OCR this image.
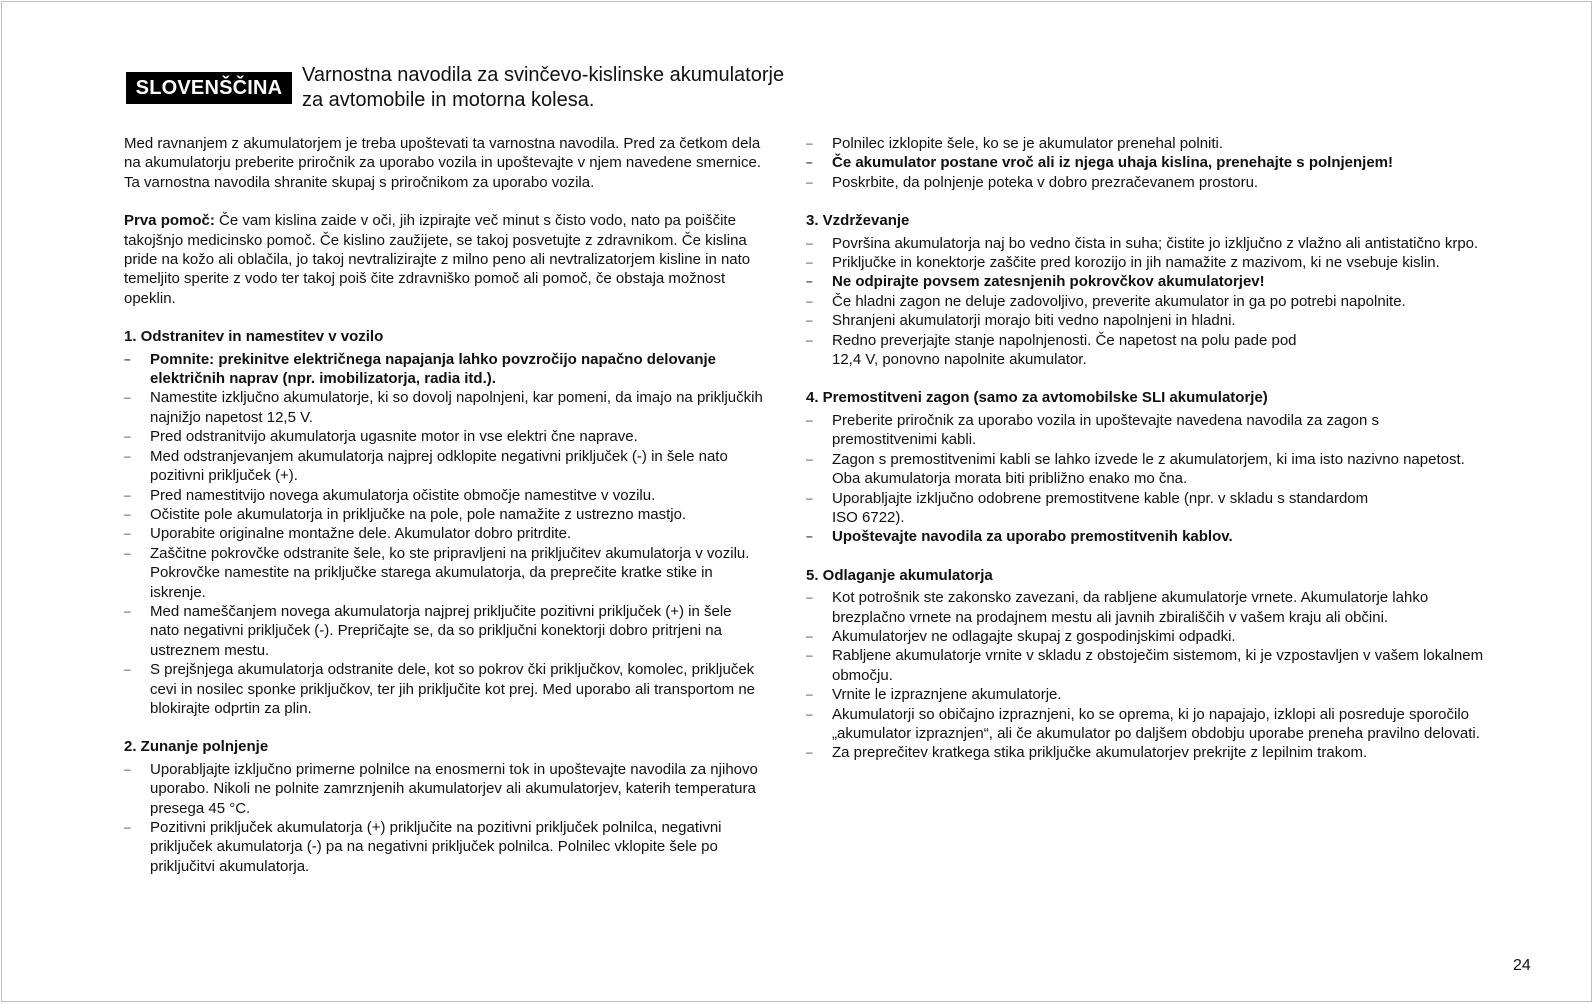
SLOVENŠČINA
Varnostna navodila za svinčevo-kislinske akumulatorje
za avtomobile in motorna kolesa.

Med ravnanjem z akumulatorjem je treba upoštevati ta varnostna navodila. Pred za četkom dela na akumulatorju preberite priročnik za uporabo vozila in upoštevajte v njem navedene smernice. Ta varnostna navodila shranite skupaj s priročnikom za uporabo vozila.

Prva pomoč: Če vam kislina zaide v oči, jih izpirajte več minut s čisto vodo, nato pa poiščite takojšnjo medicinsko pomoč. Če kislino zaužijete, se takoj posvetujte z zdravnikom. Če kislina pride na kožo ali oblačila, jo takoj nevtralizirajte z milno peno ali nevtralizatorjem kisline in nato temeljito sperite z vodo ter takoj poiš čite zdravniško pomoč ali pomoč, če obstaja možnost opeklin.

1. Odstranitev in namestitev v vozilo

– Pomnite: prekinitve električnega napajanja lahko povzročijo napačno delovanje električnih naprav (npr. imobilizatorja, radia itd.).
– Namestite izključno akumulatorje, ki so dovolj napolnjeni, kar pomeni, da imajo na priključkih najnižjo napetost 12,5 V.
– Pred odstranitvijo akumulatorja ugasnite motor in vse elektri čne naprave.
– Med odstranjevanjem akumulatorja najprej odklopite negativni priključek (-) in šele nato pozitivni priključek (+).
– Pred namestitvijo novega akumulatorja očistite območje namestitve v vozilu.
– Očistite pole akumulatorja in priključke na pole, pole namažite z ustrezno mastjo.
– Uporabite originalne montažne dele. Akumulator dobro pritrdite.
– Zaščitne pokrovčke odstranite šele, ko ste pripravljeni na priključitev akumulatorja v vozilu. Pokrovčke namestite na priključke starega akumulatorja, da preprečite kratke stike in iskrenje.
– Med nameščanjem novega akumulatorja najprej priključite pozitivni priključek (+) in šele nato negativni priključek (-). Prepričajte se, da so priključni konektorji dobro pritrjeni na ustreznem mestu.
– S prejšnjega akumulatorja odstranite dele, kot so pokrov čki priključkov, komolec, priključek cevi in nosilec sponke priključkov, ter jih priključite kot prej. Med uporabo ali transportom ne blokirajte odprtin za plin.

2. Zunanje polnjenje

– Uporabljajte izključno primerne polnilce na enosmerni tok in upoštevajte navodila za njihovo uporabo. Nikoli ne polnite zamrznjenih akumulatorjev ali akumulatorjev, katerih temperatura presega 45 °C.
– Pozitivni priključek akumulatorja (+) priključite na pozitivni priključek polnilca, negativni priključek akumulatorja (-) pa na negativni priključek polnilca. Polnilec vklopite šele po priključitvi akumulatorja.
– Polnilec izklopite šele, ko se je akumulator prenehal polniti.
– Če akumulator postane vroč ali iz njega uhaja kislina, prenehajte s polnjenjem!
– Poskrbite, da polnjenje poteka v dobro prezračevanem prostoru.

3. Vzdrževanje

– Površina akumulatorja naj bo vedno čista in suha; čistite jo izključno z vlažno ali antistatično krpo.
– Priključke in konektorje zaščite pred korozijo in jih namažite z mazivom, ki ne vsebuje kislin.
– Ne odpirajte povsem zatesnjenih pokrovčkov akumulatorjev!
– Če hladni zagon ne deluje zadovoljivo, preverite akumulator in ga po potrebi napolnite.
– Shranjeni akumulatorji morajo biti vedno napolnjeni in hladni.
– Redno preverjajte stanje napolnjenosti. Če napetost na polu pade pod
12,4 V, ponovno napolnite akumulator.

4. Premostitveni zagon (samo za avtomobilske SLI akumulatorje)

– Preberite priročnik za uporabo vozila in upoštevajte navedena navodila za zagon s premostitvenimi kabli.
– Zagon s premostitvenimi kabli se lahko izvede le z akumulatorjem, ki ima isto nazivno napetost. Oba akumulatorja morata biti približno enako mo čna.
– Uporabljajte izključno odobrene premostitvene kable (npr. v skladu s standardom
ISO 6722).
– Upoštevajte navodila za uporabo premostitvenih kablov.

5. Odlaganje akumulatorja

– Kot potrošnik ste zakonsko zavezani, da rabljene akumulatorje vrnete. Akumulatorje lahko brezplačno vrnete na prodajnem mestu ali javnih zbirališčih v vašem kraju ali občini.
– Akumulatorjev ne odlagajte skupaj z gospodinjskimi odpadki.
– Rabljene akumulatorje vrnite v skladu z obstoječim sistemom, ki je vzpostavljen v vašem lokalnem območju.
– Vrnite le izpraznjene akumulatorje.
– Akumulatorji so običajno izpraznjeni, ko se oprema, ki jo napajajo, izklopi ali posreduje sporočilo „akumulator izpraznjen“, ali če akumulator po daljšem obdobju uporabe preneha pravilno delovati.
– Za preprečitev kratkega stika priključke akumulatorjev prekrijte z lepilnim trakom.
24
